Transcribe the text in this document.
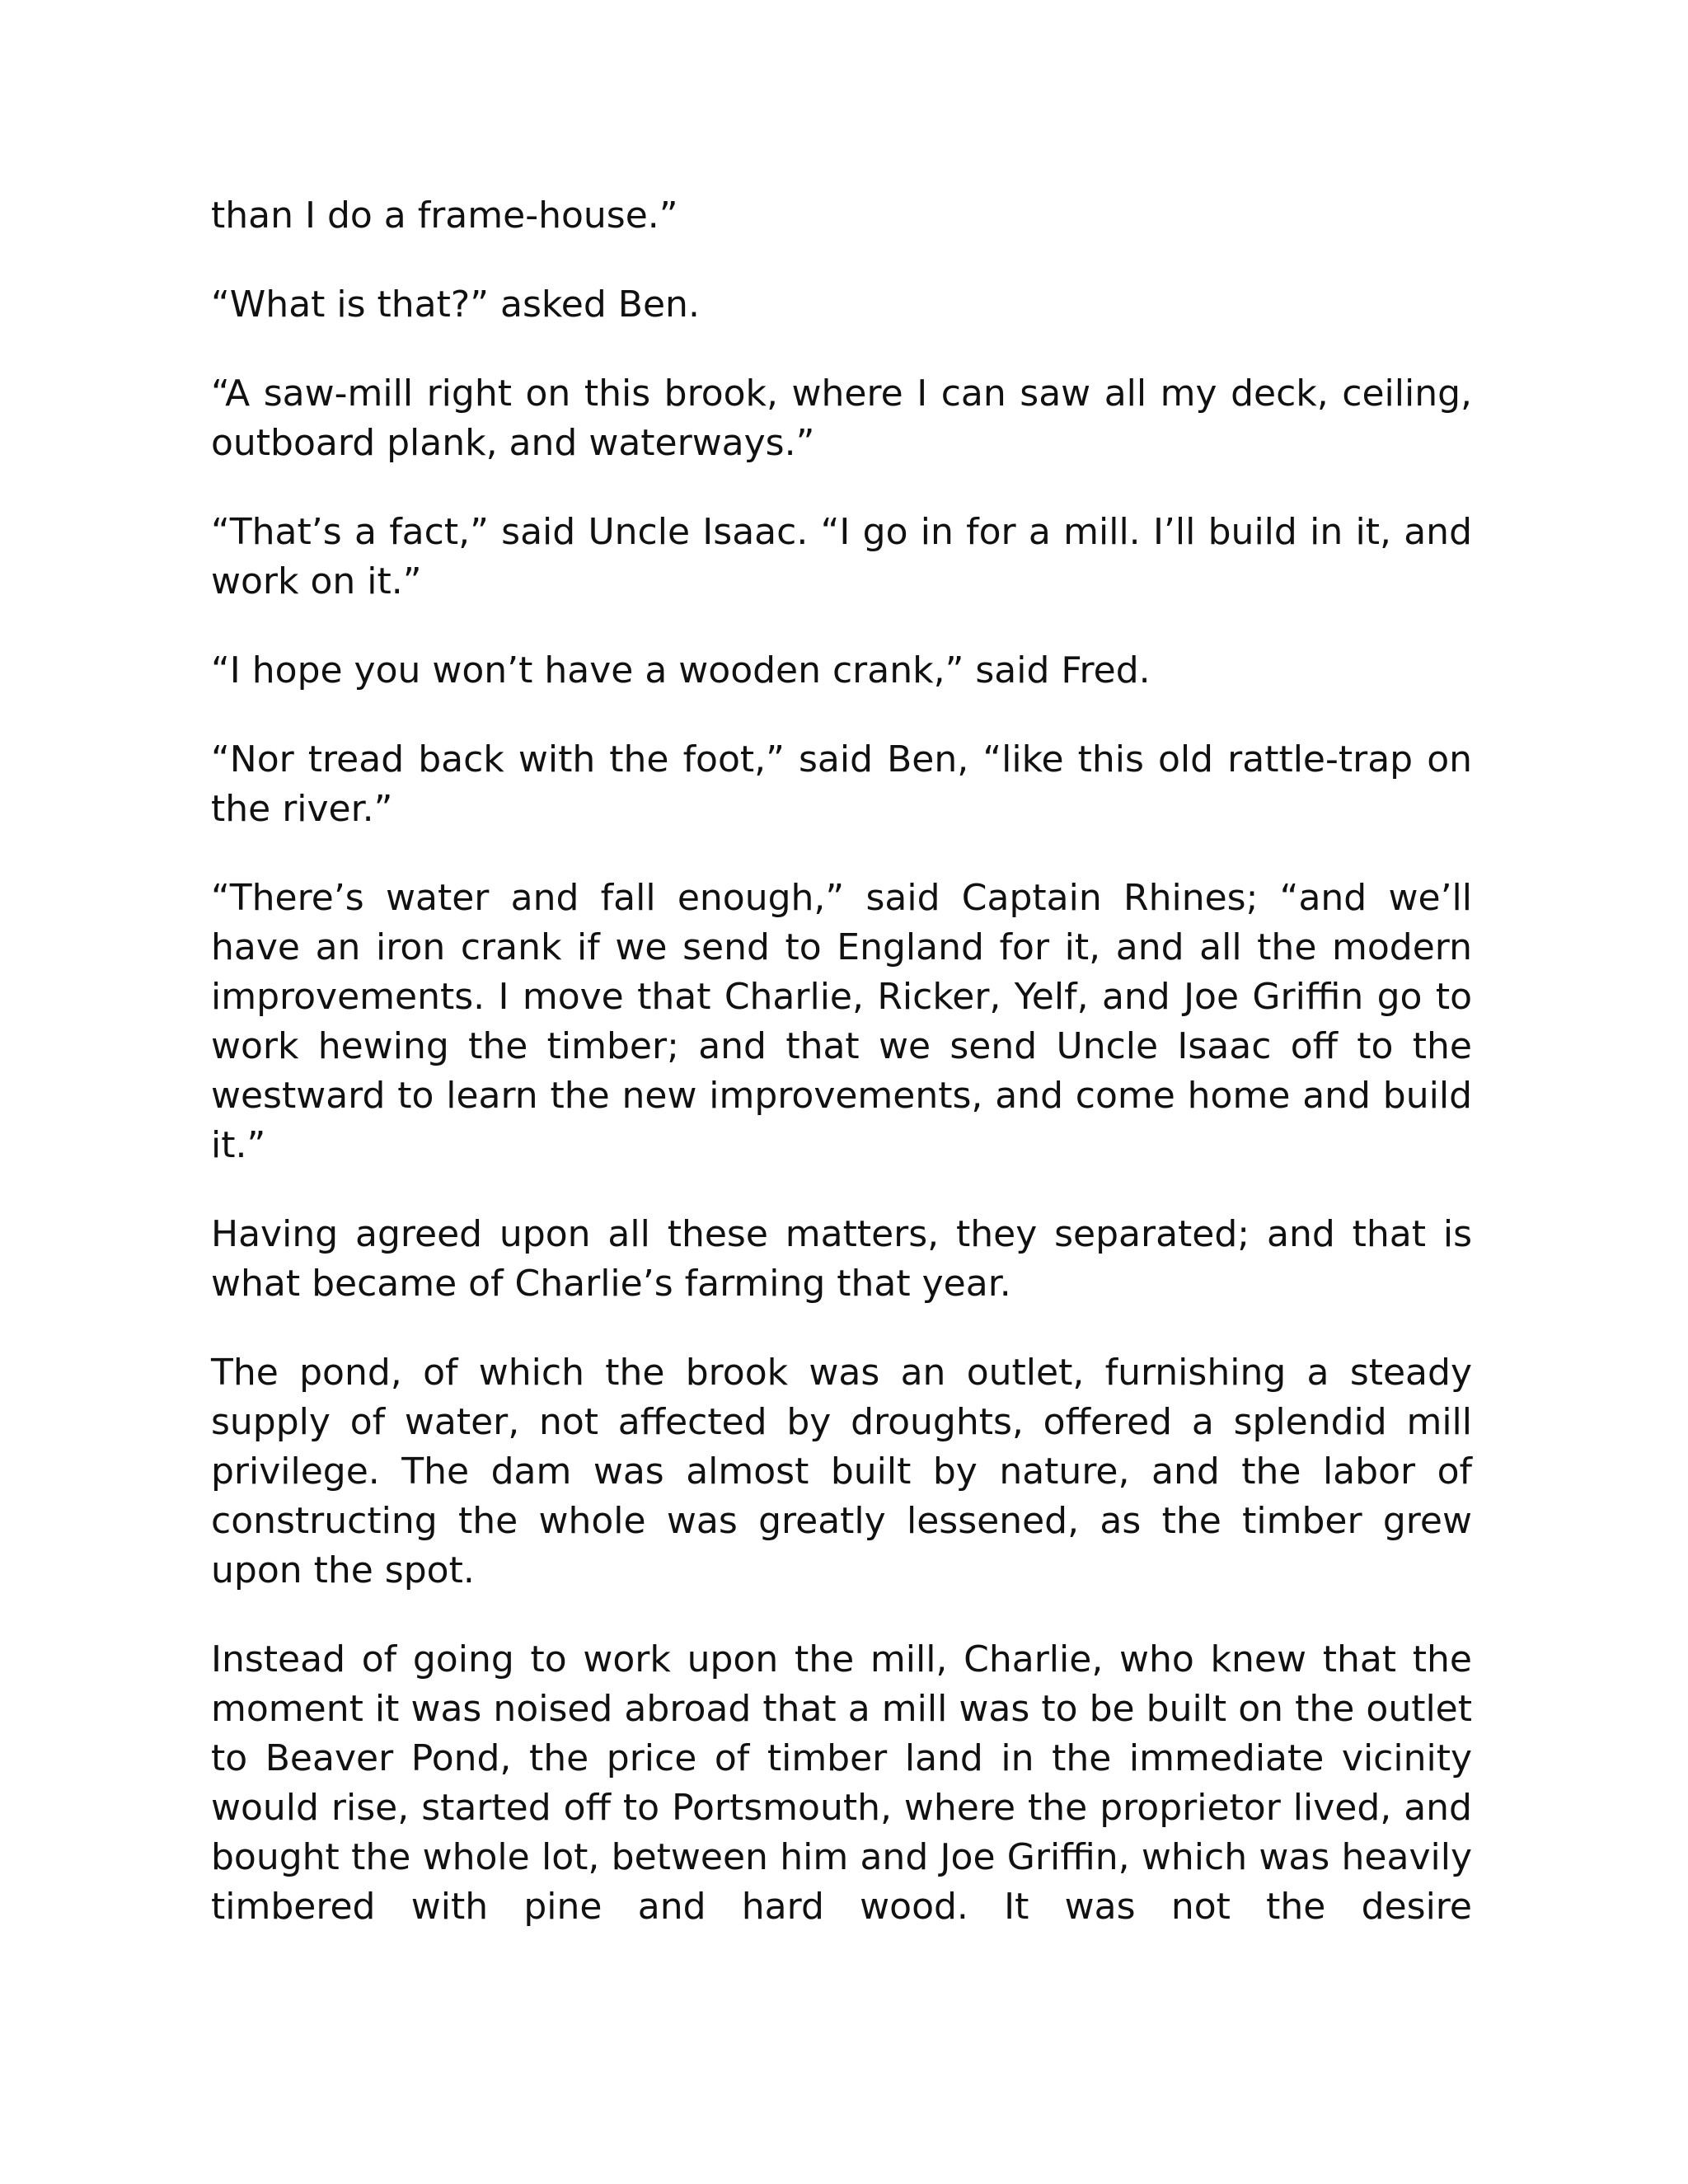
than I do a frame-house.”

“What is that?” asked Ben.

“A saw-mill right on this brook, where I can saw all my deck, ceiling, outboard plank, and waterways.”

“That’s a fact,” said Uncle Isaac. “I go in for a mill. I’ll build in it, and work on it.”

“I hope you won’t have a wooden crank,” said Fred.

“Nor tread back with the foot,” said Ben, “like this old rattle-trap on the river.”

“There’s water and fall enough,” said Captain Rhines; “and we’ll have an iron crank if we send to England for it, and all the modern improvements. I move that Charlie, Ricker, Yelf, and Joe Griffin go to work hewing the timber; and that we send Uncle Isaac off to the westward to learn the new improvements, and come home and build it.”

Having agreed upon all these matters, they separated; and that is what became of Charlie’s farming that year.

The pond, of which the brook was an outlet, furnishing a steady supply of water, not affected by droughts, offered a splendid mill privilege. The dam was almost built by nature, and the labor of constructing the whole was greatly lessened, as the timber grew upon the spot.

Instead of going to work upon the mill, Charlie, who knew that the moment it was noised abroad that a mill was to be built on the outlet to Beaver Pond, the price of timber land in the immediate vicinity would rise, started off to Portsmouth, where the proprietor lived, and bought the whole lot, between him and Joe Griffin, which was heavily timbered with pine and hard wood. It was not the desire
